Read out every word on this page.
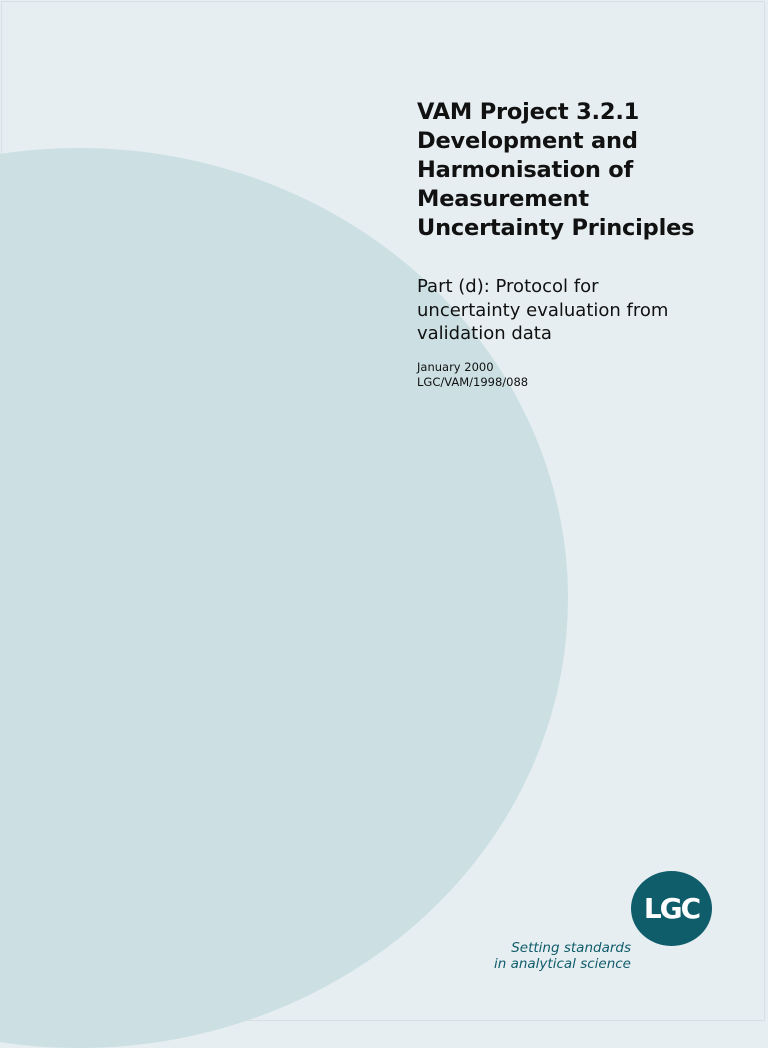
VAM Project 3.2.1
Development and
Harmonisation of
Measurement
Uncertainty Principles
Part (d): Protocol for
uncertainty evaluation from
validation data
January 2000
LGC/VAM/1998/088
LGC
Setting standards
in analytical science
